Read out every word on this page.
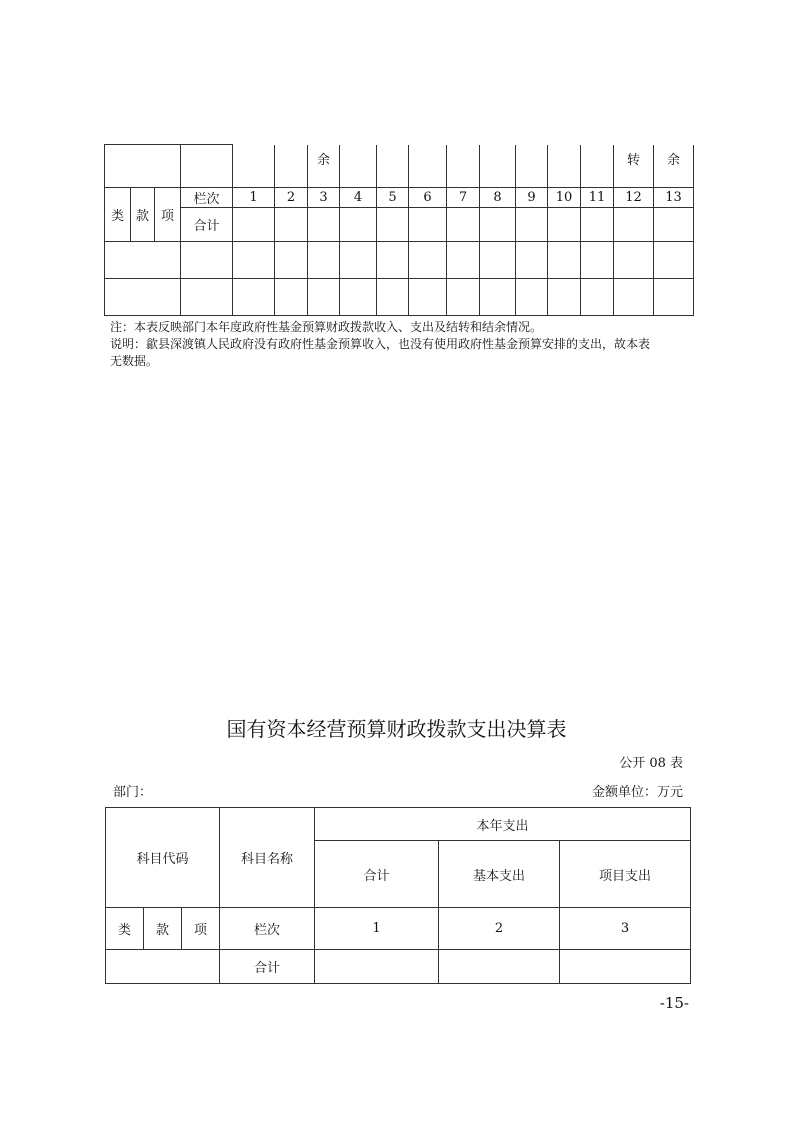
						余									转	余
类	款	项	栏次	1	2	3	4	5	6	7	8	9	10	11	12	13
			合计													

注：本表反映部门本年度政府性基金预算财政拨款收入、支出及结转和结余情况。
说明：歙县深渡镇人民政府没有政府性基金预算收入，也没有使用政府性基金预算安排的支出，故本表
无数据。
国有资本经营预算财政拨款支出决算表
公开 08 表
部门：	金额单位：万元
科目代码			科目名称	本年支出		
				合计	基本支出	项目支出
类	款	项	栏次	1	2	3
			合计			
-15-
